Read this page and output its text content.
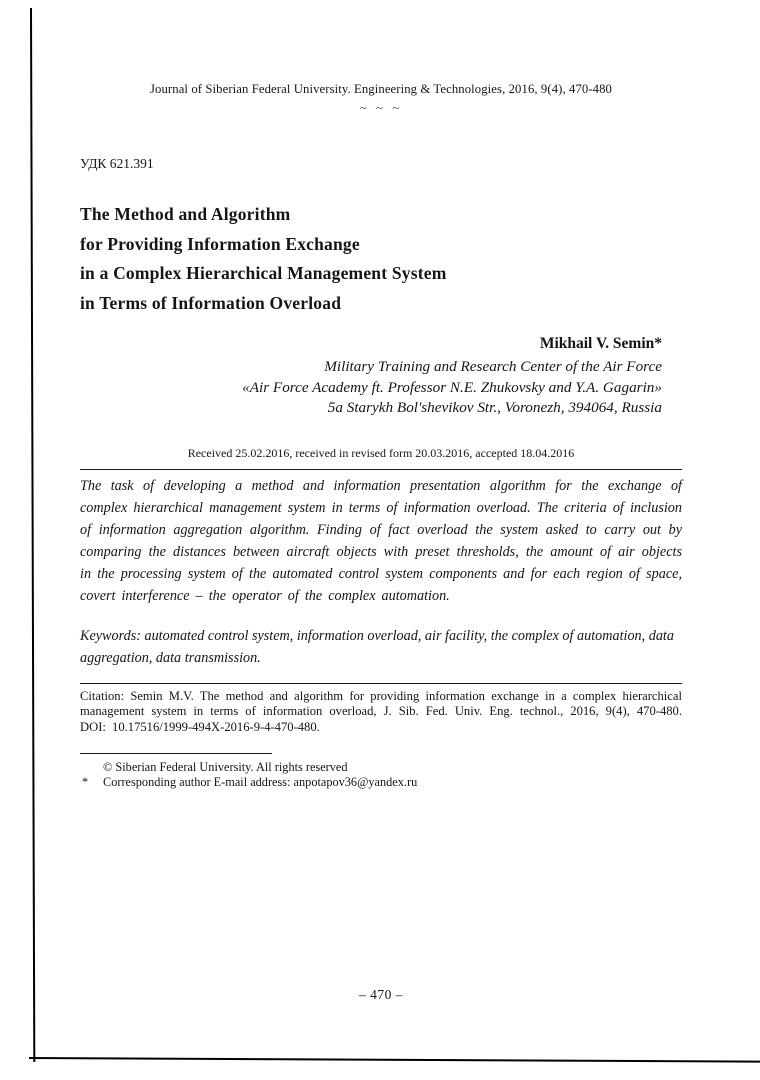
Journal of Siberian Federal University. Engineering & Technologies, 2016, 9(4), 470-480
~ ~ ~
УДК 621.391
The Method and Algorithm
for Providing Information Exchange
in a Complex Hierarchical Management System
in Terms of Information Overload
Mikhail V. Semin*
Military Training and Research Center of the Air Force
«Air Force Academy ft. Professor N.E. Zhukovsky and Y.A. Gagarin»
5a Starykh Bol'shevikov Str., Voronezh, 394064, Russia
Received 25.02.2016, received in revised form 20.03.2016, accepted 18.04.2016

The task of developing a method and information presentation algorithm for the exchange of complex hierarchical management system in terms of information overload. The criteria of inclusion of information aggregation algorithm. Finding of fact overload the system asked to carry out by comparing the distances between aircraft objects with preset thresholds, the amount of air objects in the processing system of the automated control system components and for each region of space, covert interference – the operator of the complex automation.

Keywords: automated control system, information overload, air facility, the complex of automation, data aggregation, data transmission.

Citation: Semin M.V. The method and algorithm for providing information exchange in a complex hierarchical management system in terms of information overload, J. Sib. Fed. Univ. Eng. technol., 2016, 9(4), 470-480. DOI: 10.17516/1999-494X-2016-9-4-470-480.

© Siberian Federal University. All rights reserved
* Corresponding author E-mail address: anpotapov36@yandex.ru
– 470 –
